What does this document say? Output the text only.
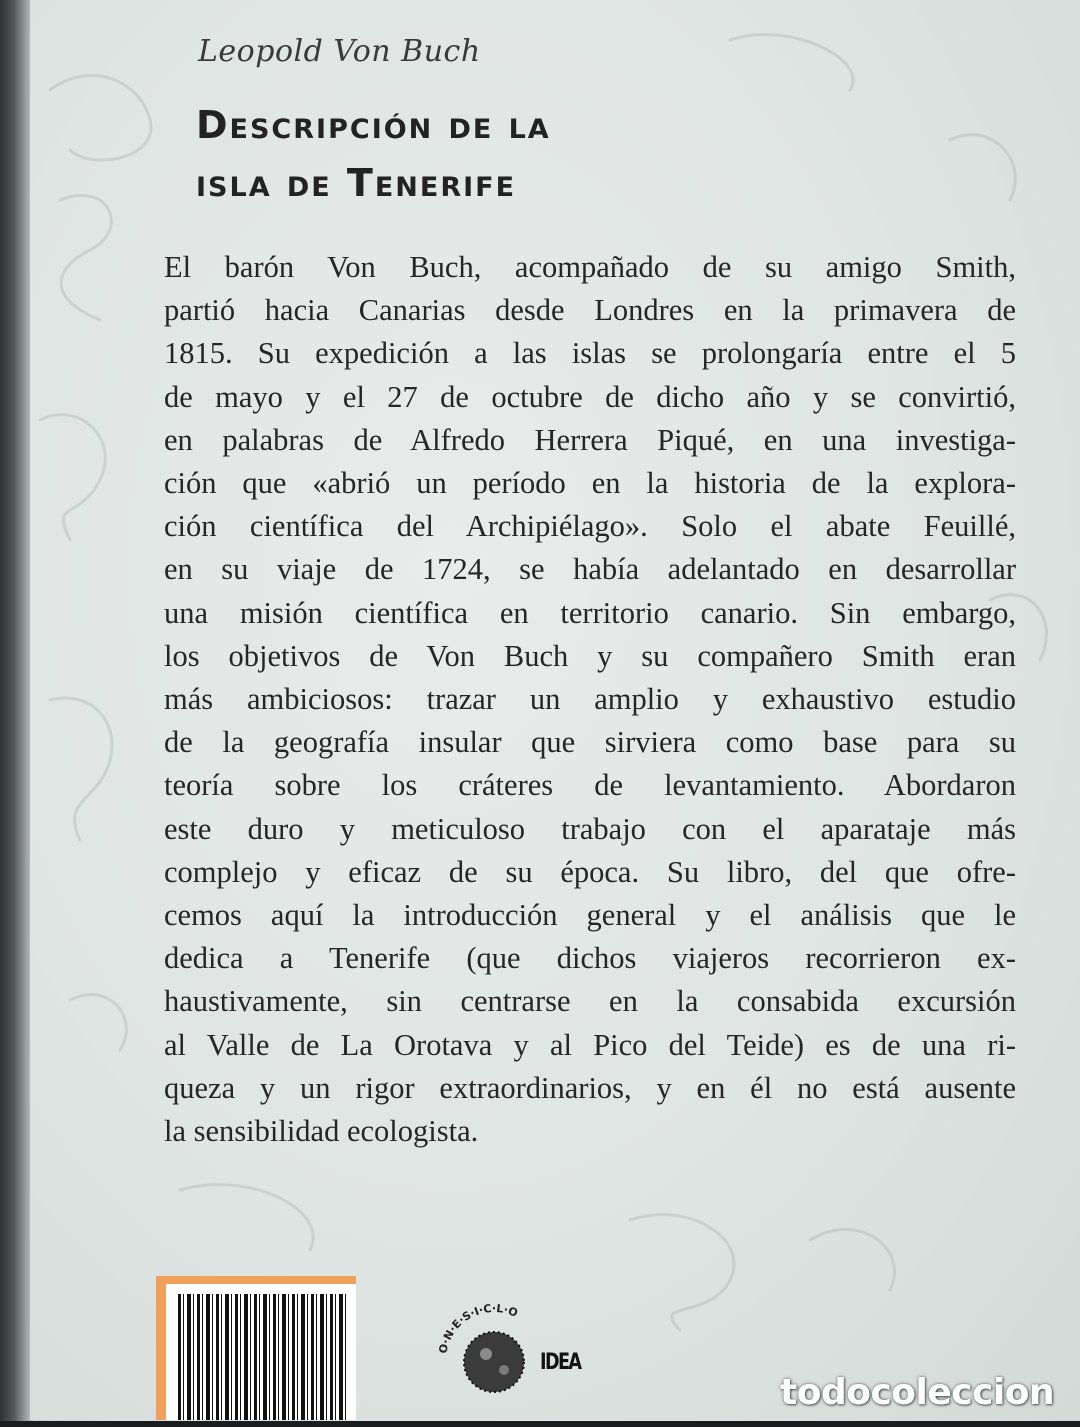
Leopold Von Buch
Descripción de la
isla de Tenerife
El barón Von Buch, acompañado de su amigo Smith,
partió hacia Canarias desde Londres en la primavera de
1815. Su expedición a las islas se prolongaría entre el 5
de mayo y el 27 de octubre de dicho año y se convirtió,
en palabras de Alfredo Herrera Piqué, en una investiga-
ción que «abrió un período en la historia de la explora-
ción científica del Archipiélago». Solo el abate Feuillé,
en su viaje de 1724, se había adelantado en desarrollar
una misión científica en territorio canario. Sin embargo,
los objetivos de Von Buch y su compañero Smith eran
más ambiciosos: trazar un amplio y exhaustivo estudio
de la geografía insular que sirviera como base para su
teoría sobre los cráteres de levantamiento. Abordaron
este duro y meticuloso trabajo con el aparataje más
complejo y eficaz de su época. Su libro, del que ofre-
cemos aquí la introducción general y el análisis que le
dedica a Tenerife (que dichos viajeros recorrieron ex-
haustivamente, sin centrarse en la consabida excursión
al Valle de La Orotava y al Pico del Teide) es de una ri-
queza y un rigor extraordinarios, y en él no está ausente
la sensibilidad ecologista.
O·N·E·S·I·C·L·O
IDEA
todocoleccion
